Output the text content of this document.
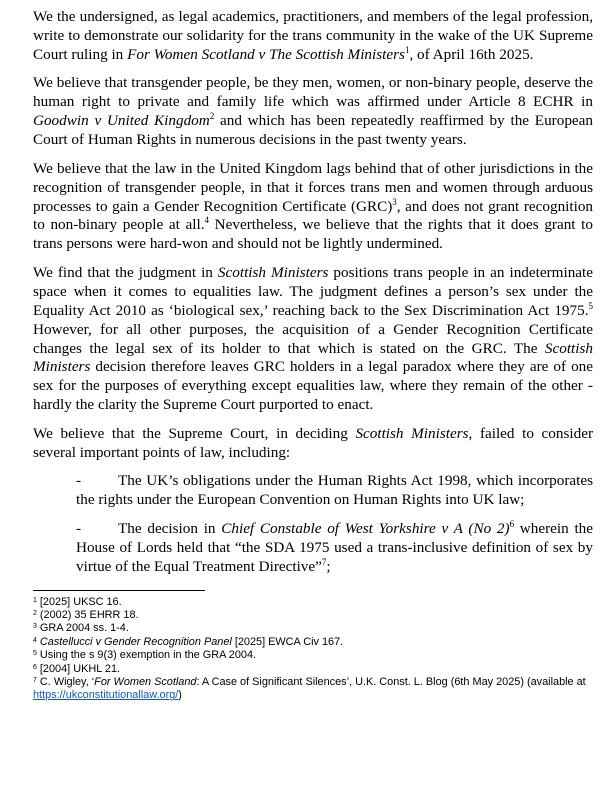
We the undersigned, as legal academics, practitioners, and members of the legal profession, write to demonstrate our solidarity for the trans community in the wake of the UK Supreme Court ruling in For Women Scotland v The Scottish Ministers$^1$, of April 16th 2025.

We believe that transgender people, be they men, women, or non-binary people, deserve the human right to private and family life which was affirmed under Article 8 ECHR in Goodwin v United Kingdom$^2$ and which has been repeatedly reaffirmed by the European Court of Human Rights in numerous decisions in the past twenty years.

We believe that the law in the United Kingdom lags behind that of other jurisdictions in the recognition of transgender people, in that it forces trans men and women through arduous processes to gain a Gender Recognition Certificate (GRC)$^3$, and does not grant recognition to non-binary people at all.$^4$ Nevertheless, we believe that the rights that it does grant to trans persons were hard-won and should not be lightly undermined.

We find that the judgment in Scottish Ministers positions trans people in an indeterminate space when it comes to equalities law. The judgment defines a person’s sex under the Equality Act 2010 as ‘biological sex,’ reaching back to the Sex Discrimination Act 1975.$^5$ However, for all other purposes, the acquisition of a Gender Recognition Certificate changes the legal sex of its holder to that which is stated on the GRC. The Scottish Ministers decision therefore leaves GRC holders in a legal paradox where they are of one sex for the purposes of everything except equalities law, where they remain of the other - hardly the clarity the Supreme Court purported to enact.

We believe that the Supreme Court, in deciding Scottish Ministers, failed to consider several important points of law, including:

- The UK’s obligations under the Human Rights Act 1998, which incorporates the rights under the European Convention on Human Rights into UK law;

- The decision in Chief Constable of West Yorkshire v A (No 2)$^6$ wherein the House of Lords held that “the SDA 1975 used a trans-inclusive definition of sex by virtue of the Equal Treatment Directive”$^7$;

$^1$ [2025] UKSC 16.
$^2$ (2002) 35 EHRR 18.
$^3$ GRA 2004 ss. 1-4.
$^4$ Castellucci v Gender Recognition Panel [2025] EWCA Civ 167.
$^5$ Using the s 9(3) exemption in the GRA 2004.
$^6$ [2004] UKHL 21.
$^7$ C. Wigley, ‘For Women Scotland: A Case of Significant Silences’, U.K. Const. L. Blog (6th May 2025) (available at https://ukconstitutionallaw.org/)
